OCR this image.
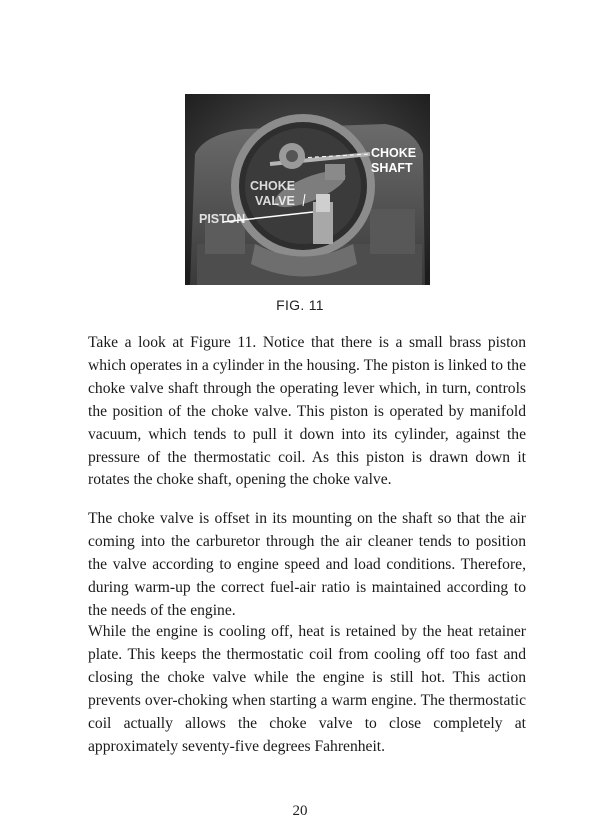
CHOKE
SHAFT
CHOKE
VALVE
PISTON
FIG. 11

Take a look at Figure 11. Notice that there is a small brass piston which operates in a cylinder in the housing. The piston is linked to the choke valve shaft through the operating lever which, in turn, controls the position of the choke valve. This piston is operated by manifold vacuum, which tends to pull it down into its cylinder, against the pressure of the thermostatic coil. As this piston is drawn down it rotates the choke shaft, opening the choke valve.

The choke valve is offset in its mounting on the shaft so that the air coming into the carburetor through the air cleaner tends to position the valve according to engine speed and load conditions. Therefore, during warm-up the correct fuel-air ratio is maintained according to the needs of the engine.

While the engine is cooling off, heat is retained by the heat retainer plate. This keeps the thermostatic coil from cooling off too fast and closing the choke valve while the engine is still hot. This action prevents over-choking when starting a warm engine. The thermostatic coil actually allows the choke valve to close completely at approximately seventy-five degrees Fahrenheit.

20
